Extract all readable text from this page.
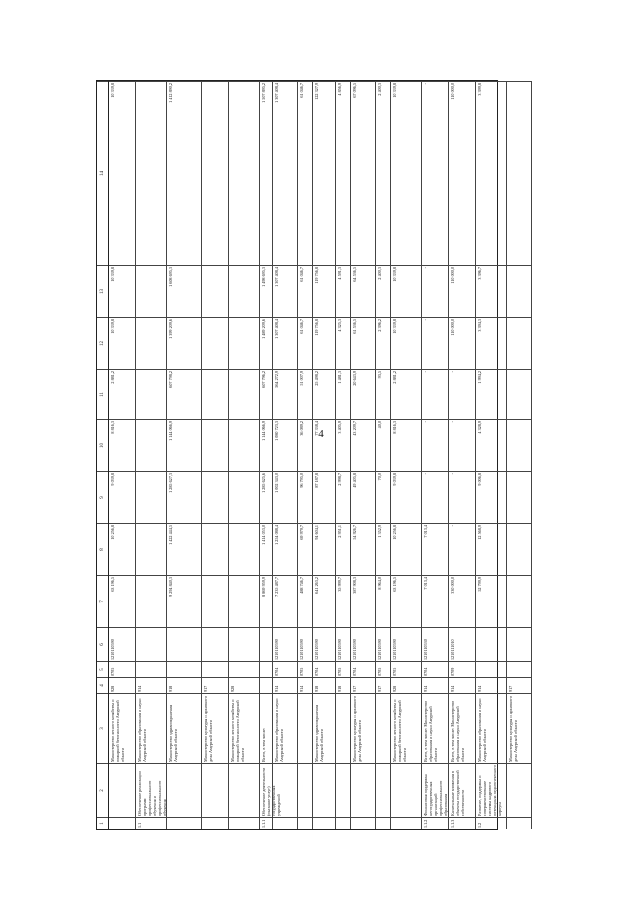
4
1
2
3
4
5
6
7
8
9
10
11
12
13
14
Министерство лесного хозяйства и пожарной безопасности Амурской области
928
0705
1210110590
63 196,5
10 256,8
9 039,8
8 816,3
2 881,2
10 339,8
10 339,8
10 339,8
1.1
Обеспечение реализации программ профессионального обучения и профессионального обучения
Министерство образования и науки Амурской области
914
Министерство здравоохранения Амурской области
918
9 294 840,3
1 422 444,5
1 285 627,3
1 144 066,9
607 798,2
1 399 209,6
1 608 695,3
1 412 890,2
Министерство культуры и архивного дела Амурской области
917
Министерство лесного хозяйства и пожарной безопасности Амурской области
928
1.1.1
Обеспечение деятельности (оказание услуг) государственных учреждений
Всего, в том числе:
8 869 959,9
1 414 053,0
1 285 625,6
1 144 066,9
607 796,2
1 489 209,6
1 498 695,3
1 507 895,2
Министерство образования и науки Амурской области
914
0704
1210110590
7 235 487,7
1 254 088,4
1 002 343,0
1 080 723,3
564 272,9
1 307 408,4
1 307 408,4
1 307 408,4
914
0705
1210110590
488 746,7
69 979,7
96 795,0
36 089,2
51 007,9
61 046,7
61 046,7
61 046,7
Министерство здравоохранения Амурской области
918
0704
1210110590
641 263,2
94 604,1
87 187,8
77 338,4
25 498,2
119 756,8
119 756,8
122 327,9
918
0705
1210110590
35 999,7
2 951,1
2 998,7
3 405,9
1 481,3
4 325,3
4 591,3
4 856,9
Министерство культуры и архивного дела Амурской области
917
0704
1210110590
387 908,3
54 926,7
49 405,8
43 209,7
20 643,9
61 536,5
64 536,5
67 096,5
917
0705
1210110590
8 964,0
1 352,9
70,0
40,0
93,5
2 396,2
2 400,3
2 400,3
Министерство лесного хозяйства и пожарной безопасности Амурской области
928
0705
1210110590
63 196,5
10 256,8
9 039,8
8 816,3
2 881,2
10 339,8
10 339,8
10 339,8
1.1.2
Финансовая поддержка негосударственных организаций профессионального образования
Всего, в том числе: Министерство образования и науки Амурской области
914
0704
1210110530
7 013,4
7 013,4
-
-
-
-
-
-
1.1.3
Капитальные вложения в объекты государственной собственности
Всего, в том числе: Министерство образования и науки Амурской области
914
0709
1210111010
330 000,0
-
-
-
-
110 000,0
110 000,0
110 000,0
1.2
Развитие, поддержка и совершенствование системы кадрового потенциала педагогического корпуса
Министерство образования и науки Амурской области
914
52 799,9
12 568,9
9 006,8
4 328,9
1 994,2
3 394,3
3 396,7
3 399,8
Министерство культуры и архивного дела Амурской области
917
